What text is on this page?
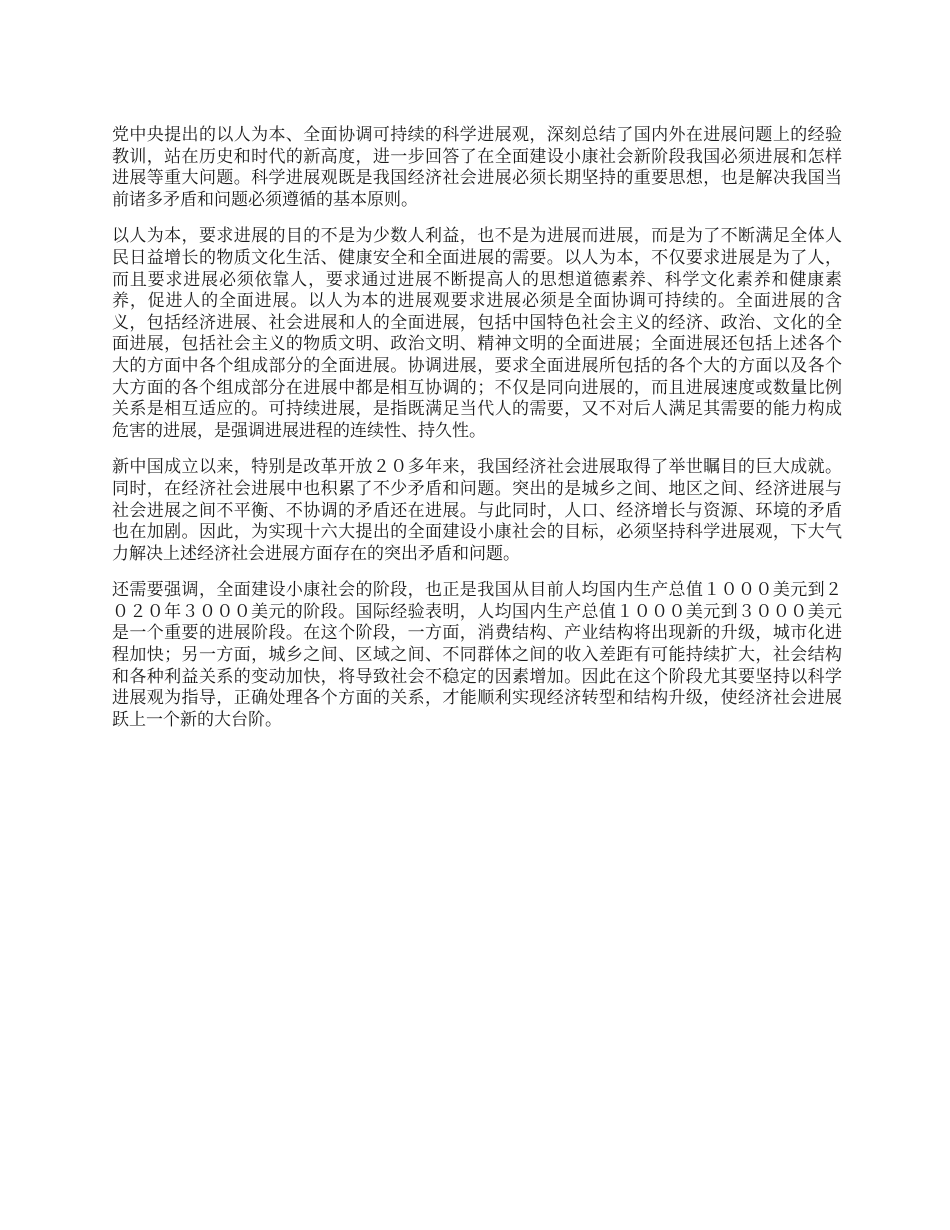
党中央提出的以人为本、全面协调可持续的科学进展观，深刻总结了国内外在进展问题上的经验教训，站在历史和时代的新高度，进一步回答了在全面建设小康社会新阶段我国必须进展和怎样进展等重大问题。科学进展观既是我国经济社会进展必须长期坚持的重要思想，也是解决我国当前诸多矛盾和问题必须遵循的基本原则。

以人为本，要求进展的目的不是为少数人利益，也不是为进展而进展，而是为了不断满足全体人民日益增长的物质文化生活、健康安全和全面进展的需要。以人为本，不仅要求进展是为了人，而且要求进展必须依靠人，要求通过进展不断提高人的思想道德素养、科学文化素养和健康素养，促进人的全面进展。以人为本的进展观要求进展必须是全面协调可持续的。全面进展的含义，包括经济进展、社会进展和人的全面进展，包括中国特色社会主义的经济、政治、文化的全面进展，包括社会主义的物质文明、政治文明、精神文明的全面进展；全面进展还包括上述各个大的方面中各个组成部分的全面进展。协调进展，要求全面进展所包括的各个大的方面以及各个大方面的各个组成部分在进展中都是相互协调的；不仅是同向进展的，而且进展速度或数量比例关系是相互适应的。可持续进展，是指既满足当代人的需要，又不对后人满足其需要的能力构成危害的进展，是强调进展进程的连续性、持久性。

新中国成立以来，特别是改革开放２０多年来，我国经济社会进展取得了举世瞩目的巨大成就。同时，在经济社会进展中也积累了不少矛盾和问题。突出的是城乡之间、地区之间、经济进展与社会进展之间不平衡、不协调的矛盾还在进展。与此同时，人口、经济增长与资源、环境的矛盾也在加剧。因此，为实现十六大提出的全面建设小康社会的目标，必须坚持科学进展观，下大气力解决上述经济社会进展方面存在的突出矛盾和问题。

还需要强调，全面建设小康社会的阶段，也正是我国从目前人均国内生产总值１０００美元到２０２０年３０００美元的阶段。国际经验表明，人均国内生产总值１０００美元到３０００美元是一个重要的进展阶段。在这个阶段，一方面，消费结构、产业结构将出现新的升级，城市化进程加快；另一方面，城乡之间、区域之间、不同群体之间的收入差距有可能持续扩大，社会结构和各种利益关系的变动加快，将导致社会不稳定的因素增加。因此在这个阶段尤其要坚持以科学进展观为指导，正确处理各个方面的关系，才能顺利实现经济转型和结构升级，使经济社会进展跃上一个新的大台阶。
